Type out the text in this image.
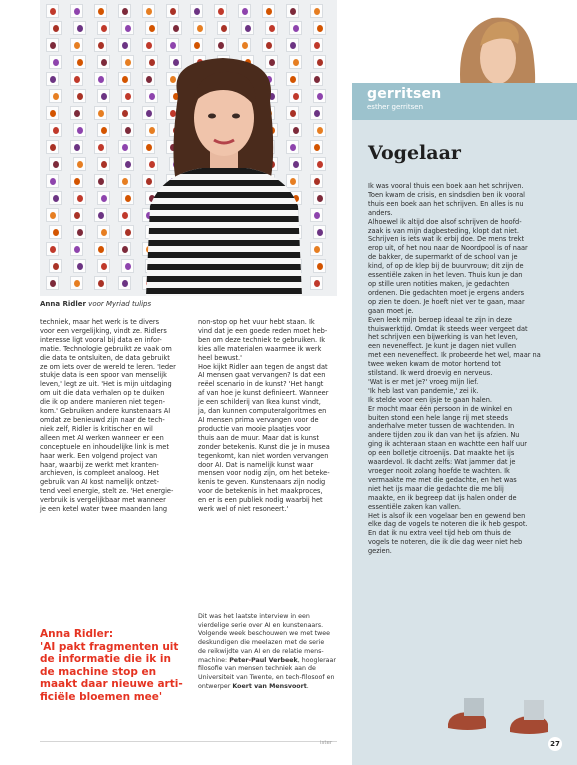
Anna Ridler voor Myriad tulips
techniek, maar het werk is te divers
voor een vergelijking, vindt ze. Ridlers
interesse ligt vooral bij data en infor-
matie. Technologie gebruikt ze vaak om
die data te ontsluiten, de data gebruikt
ze om iets over de wereld te leren. 'Ieder
stukje data is een spoor van menselijk
leven,' legt ze uit. 'Het is mijn uitdaging
om uit die data verhalen op te duiken
die ik op andere manieren niet tegen-
kom.' Gebruiken andere kunstenaars AI
omdat ze benieuwd zijn naar de tech-
niek zelf, Ridler is kritischer en wil
alleen met AI werken wanneer er een
conceptuele en inhoudelijke link is met
haar werk. Een volgend project van
haar, waarbij ze werkt met kranten-
archieven, is compleet analoog. Het
gebruik van AI kost namelijk ontzet-
tend veel energie, stelt ze. 'Het energie-
verbruik is vergelijkbaar met wanneer
je een ketel water twee maanden lang
non-stop op het vuur hebt staan. Ik
vind dat je een goede reden moet heb-
ben om deze techniek te gebruiken. Ik
kies alle materialen waarmee ik werk
heel bewust.'
Hoe kijkt Ridler aan tegen de angst dat
AI mensen gaat vervangen? Is dat een
reëel scenario in de kunst? 'Het hangt
af van hoe je kunst definieert. Wanneer
je een schilderij van Ikea kunst vindt,
ja, dan kunnen computeralgoritmes en
AI mensen prima vervangen voor de
productie van mooie plaatjes voor
thuis aan de muur. Maar dat is kunst
zonder betekenis. Kunst die je in musea
tegenkomt, kan niet worden vervangen
door AI. Dat is namelijk kunst waar
mensen voor nodig zijn, om het beteke-
kenis te geven. Kunstenaars zijn nodig
voor de betekenis in het maakproces,
en er is een publiek nodig waarbij het
werk wel of niet resoneert.'
Dit was het laatste interview in een
vierdelige serie over AI en kunstenaars.
Volgende week beschouwen we met twee
deskundigen die meelazen met de serie
de reikwijdte van AI en de relatie mens-
machine: Peter-Paul Verbeek, hoogleraar
filosofie van mensen techniek aan de
Universiteit van Twente, en tech-filosoof en
ontwerper Koert van Mensvoort.
Anna Ridler:
'AI pakt fragmenten uit
de informatie die ik in
de machine stop en
maakt daar nieuwe arti-
ficiële bloemen mee'
ister
gerritsen
esther gerritsen
Vogelaar
Ik was vooral thuis een boek aan het schrijven.
Toen kwam de crisis, en sindsdien ben ik vooral
thuis een boek aan het schrijven. En alles is nu
anders.
Alhoewel ik altijd doe alsof schrijven de hoofd-
zaak is van mijn dagbesteding, klopt dat niet.
Schrijven is iets wat ik erbij doe. De mens trekt
erop uit, of het nou naar de Noordpool is of naar
de bakker, de supermarkt of de school van je
kind, of op de klep bij de buurvrouw; dit zijn de
essentiële zaken in het leven. Thuis kun je dan
op stille uren notities maken, je gedachten
ordenen. Die gedachten moet je ergens anders
op zien te doen. Je hoeft niet ver te gaan, maar
gaan moet je.
Even leek mijn beroep ideaal te zijn in deze
thuiswerktijd. Omdat ik steeds weer vergeet dat
het schrijven een bijwerking is van het leven,
een neveneffect. Je kunt je dagen niet vullen
met een neveneffect. Ik probeerde het wel, maar na
twee weken kwam de motor hortend tot
stilstand. Ik werd droevig en nerveus.
'Wat is er met je?' vroeg mijn lief.
'Ik heb last van pandemie,' zei ik.
Ik stelde voor een ijsje te gaan halen.
Er mocht maar één persoon in de winkel en
buiten stond een hele lange rij met steeds
anderhalve meter tussen de wachtenden. In
andere tijden zou ik dan van het ijs afzien. Nu
ging ik achteraan staan en wachtte een half uur
op een bolletje citroenijs. Dat maakte het ijs
waardevol. Ik dacht zelfs: Wat jammer dat je
vroeger nooit zolang hoefde te wachten. Ik
vermaakte me met die gedachte, en het was
niet het ijs maar die gedachte die me blij
maakte, en ik begreep dat ijs halen onder de
essentiële zaken kan vallen.
Het is alsof ik een vogelaar ben en gewend ben
elke dag de vogels te noteren die ik heb gespot.
En dat ik nu extra veel tijd heb om thuis de
vogels te noteren, die ik die dag weer niet heb
gezien.
27
